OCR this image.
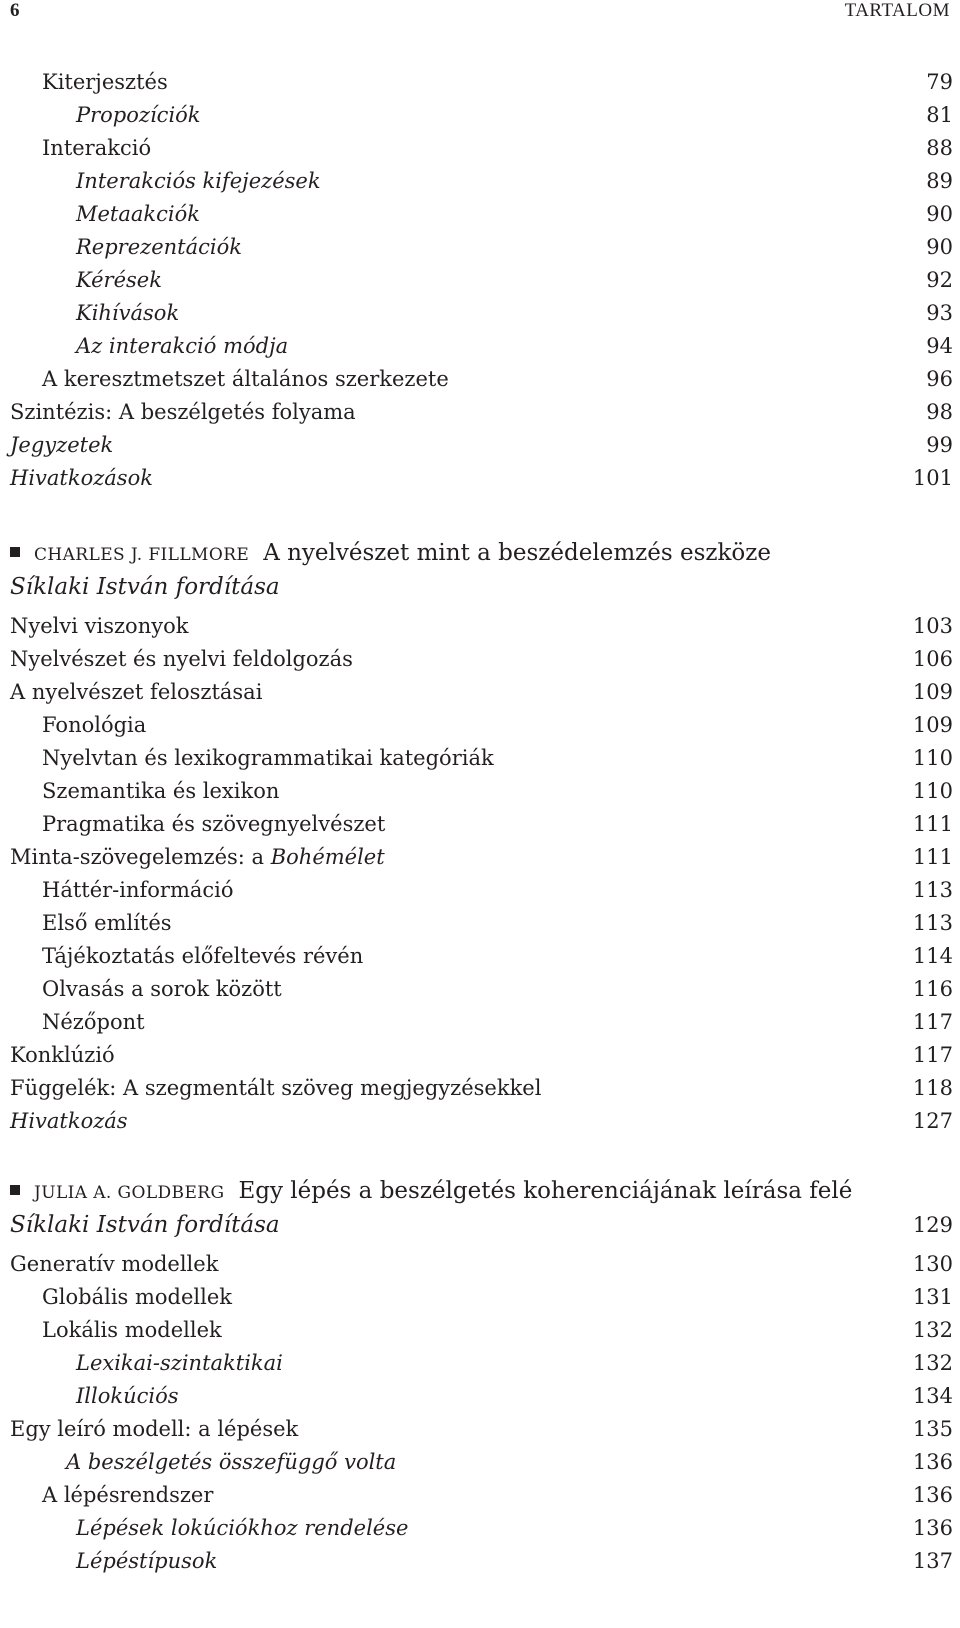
6	TARTALOM
Kiterjesztés	79
Propozíciók	81
Interakció	88
Interakciós kifejezések	89
Metaakciók	90
Reprezentációk	90
Kérések	92
Kihívások	93
Az interakció módja	94
A keresztmetszet általános szerkezete	96
Szintézis: A beszélgetés folyama	98
Jegyzetek	99
Hivatkozások	101
CHARLES J. FILLMORE A nyelvészet mint a beszédelemzés eszköze
Síklaki István fordítása
Nyelvi viszonyok	103
Nyelvészet és nyelvi feldolgozás	106
A nyelvészet felosztásai	109
Fonológia	109
Nyelvtan és lexikogrammatikai kategóriák	110
Szemantika és lexikon	110
Pragmatika és szövegnyelvészet	111
Minta-szövegelemzés: a Bohémélet	111
Háttér-információ	113
Első említés	113
Tájékoztatás előfeltevés révén	114
Olvasás a sorok között	116
Nézőpont	117
Konklúzió	117
Függelék: A szegmentált szöveg megjegyzésekkel	118
Hivatkozás	127
JULIA A. GOLDBERG Egy lépés a beszélgetés koherenciájának leírása felé
Síklaki István fordítása	129
Generatív modellek	130
Globális modellek	131
Lokális modellek	132
Lexikai-szintaktikai	132
Illokúciós	134
Egy leíró modell: a lépések	135
A beszélgetés összefüggő volta	136
A lépésrendszer	136
Lépések lokúciókhoz rendelése	136
Lépéstípusok	137
